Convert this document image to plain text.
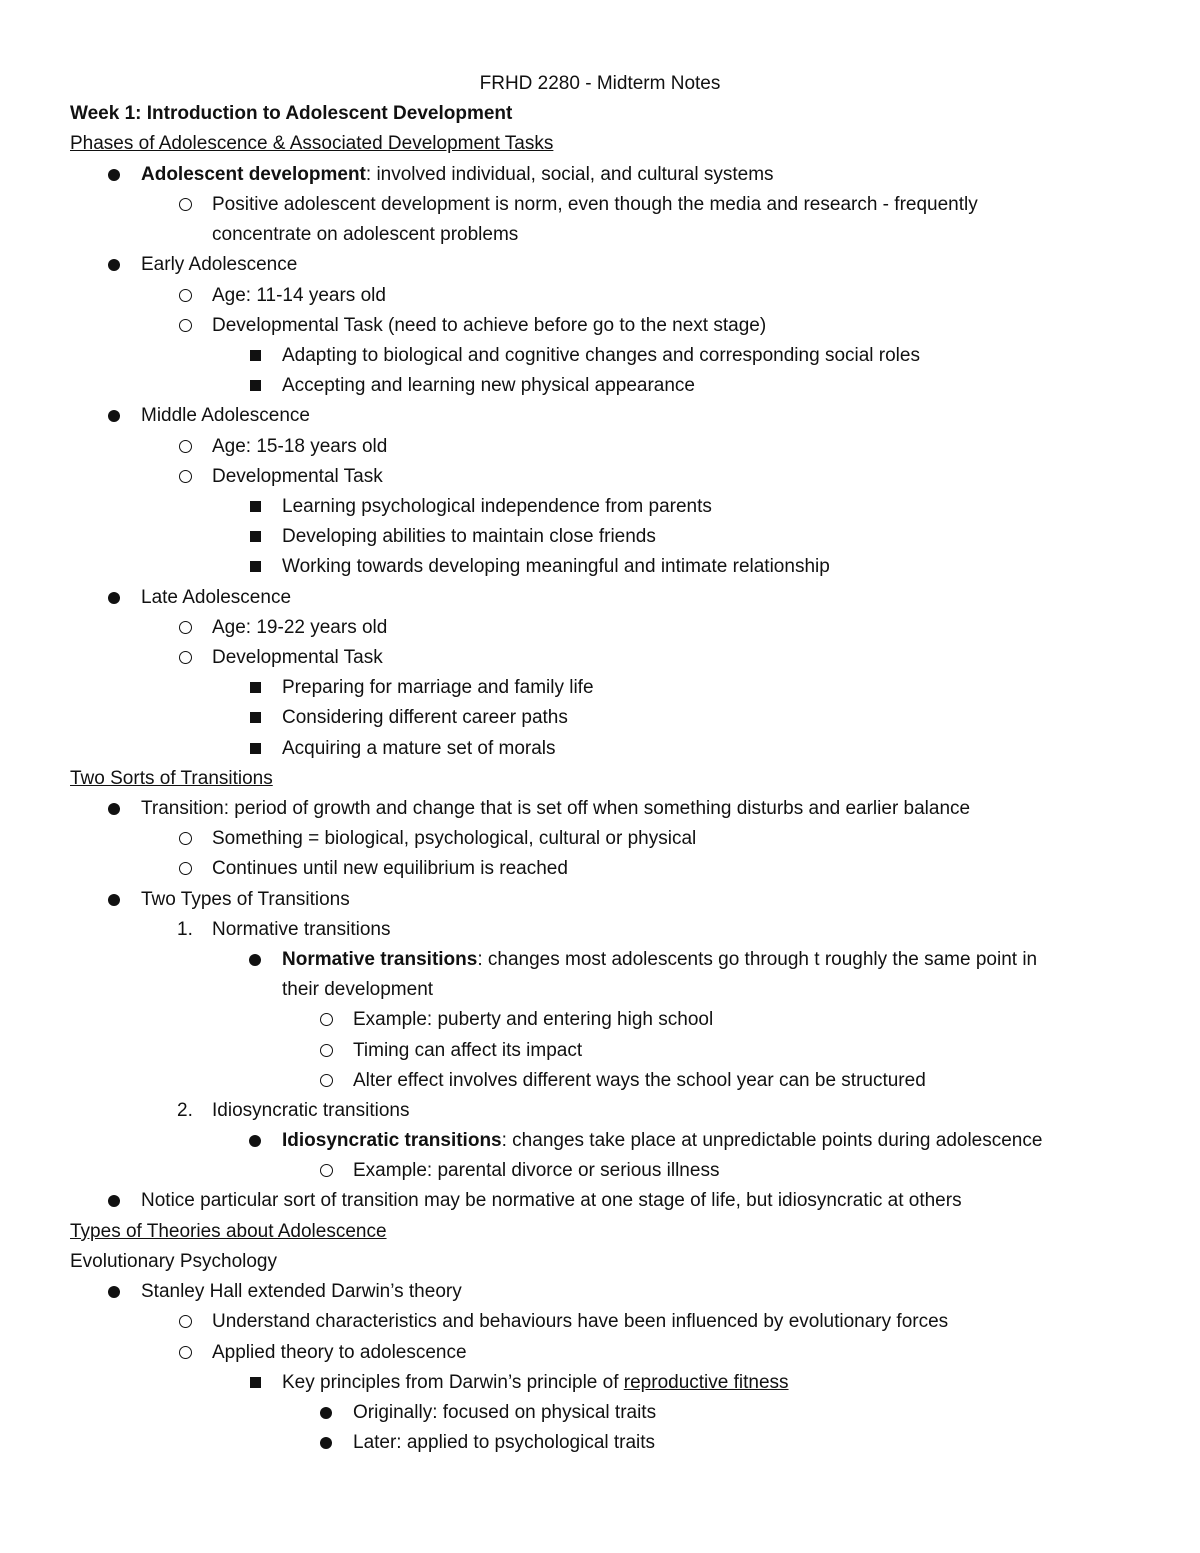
FRHD 2280 - Midterm Notes
Week 1: Introduction to Adolescent Development
Phases of Adolescence & Associated Development Tasks
Adolescent development: involved individual, social, and cultural systems
Positive adolescent development is norm, even though the media and research - frequently
concentrate on adolescent problems
Early Adolescence
Age: 11-14 years old
Developmental Task (need to achieve before go to the next stage)
Adapting to biological and cognitive changes and corresponding social roles
Accepting and learning new physical appearance
Middle Adolescence
Age: 15-18 years old
Developmental Task
Learning psychological independence from parents
Developing abilities to maintain close friends
Working towards developing meaningful and intimate relationship
Late Adolescence
Age: 19-22 years old
Developmental Task
Preparing for marriage and family life
Considering different career paths
Acquiring a mature set of morals
Two Sorts of Transitions
Transition: period of growth and change that is set off when something disturbs and earlier balance
Something = biological, psychological, cultural or physical
Continues until new equilibrium is reached
Two Types of Transitions
1. Normative transitions
Normative transitions: changes most adolescents go through t roughly the same point in
their development
Example: puberty and entering high school
Timing can affect its impact
Alter effect involves different ways the school year can be structured
2. Idiosyncratic transitions
Idiosyncratic transitions: changes take place at unpredictable points during adolescence
Example: parental divorce or serious illness
Notice particular sort of transition may be normative at one stage of life, but idiosyncratic at others
Types of Theories about Adolescence
Evolutionary Psychology
Stanley Hall extended Darwin’s theory
Understand characteristics and behaviours have been influenced by evolutionary forces
Applied theory to adolescence
Key principles from Darwin’s principle of reproductive fitness
Originally: focused on physical traits
Later: applied to psychological traits
